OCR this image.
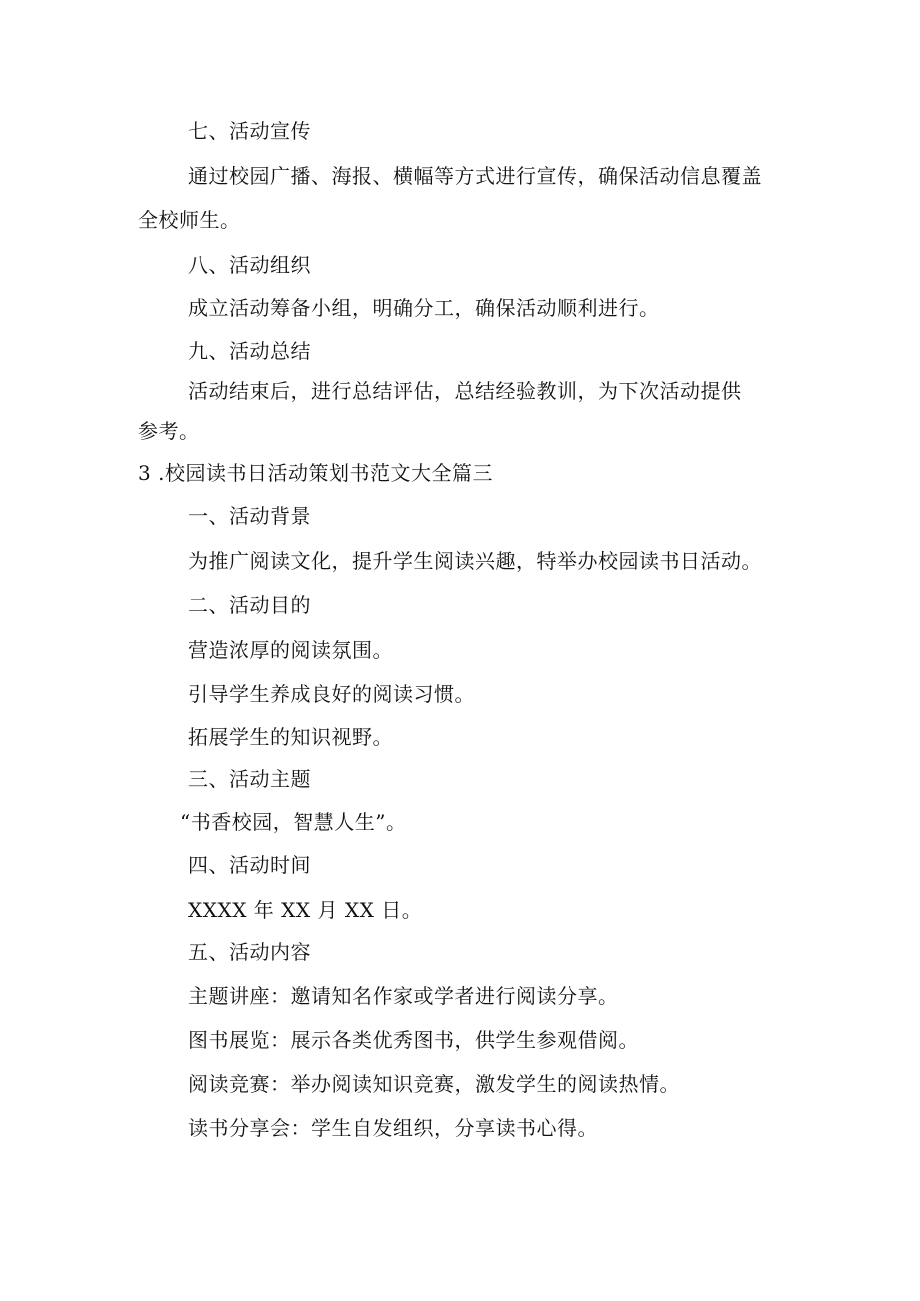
七、活动宣传
通过校园广播、海报、横幅等方式进行宣传，确保活动信息覆盖
全校师生。
八、活动组织
成立活动筹备小组，明确分工，确保活动顺利进行。
九、活动总结
活动结束后，进行总结评估，总结经验教训，为下次活动提供
参考。
3 .校园读书日活动策划书范文大全篇三
一、活动背景
为推广阅读文化，提升学生阅读兴趣，特举办校园读书日活动。
二、活动目的
营造浓厚的阅读氛围。
引导学生养成良好的阅读习惯。
拓展学生的知识视野。
三、活动主题
“书香校园，智慧人生”。
四、活动时间
XXXX 年 XX 月 XX 日。
五、活动内容
主题讲座：邀请知名作家或学者进行阅读分享。
图书展览：展示各类优秀图书，供学生参观借阅。
阅读竞赛：举办阅读知识竞赛，激发学生的阅读热情。
读书分享会：学生自发组织，分享读书心得。
